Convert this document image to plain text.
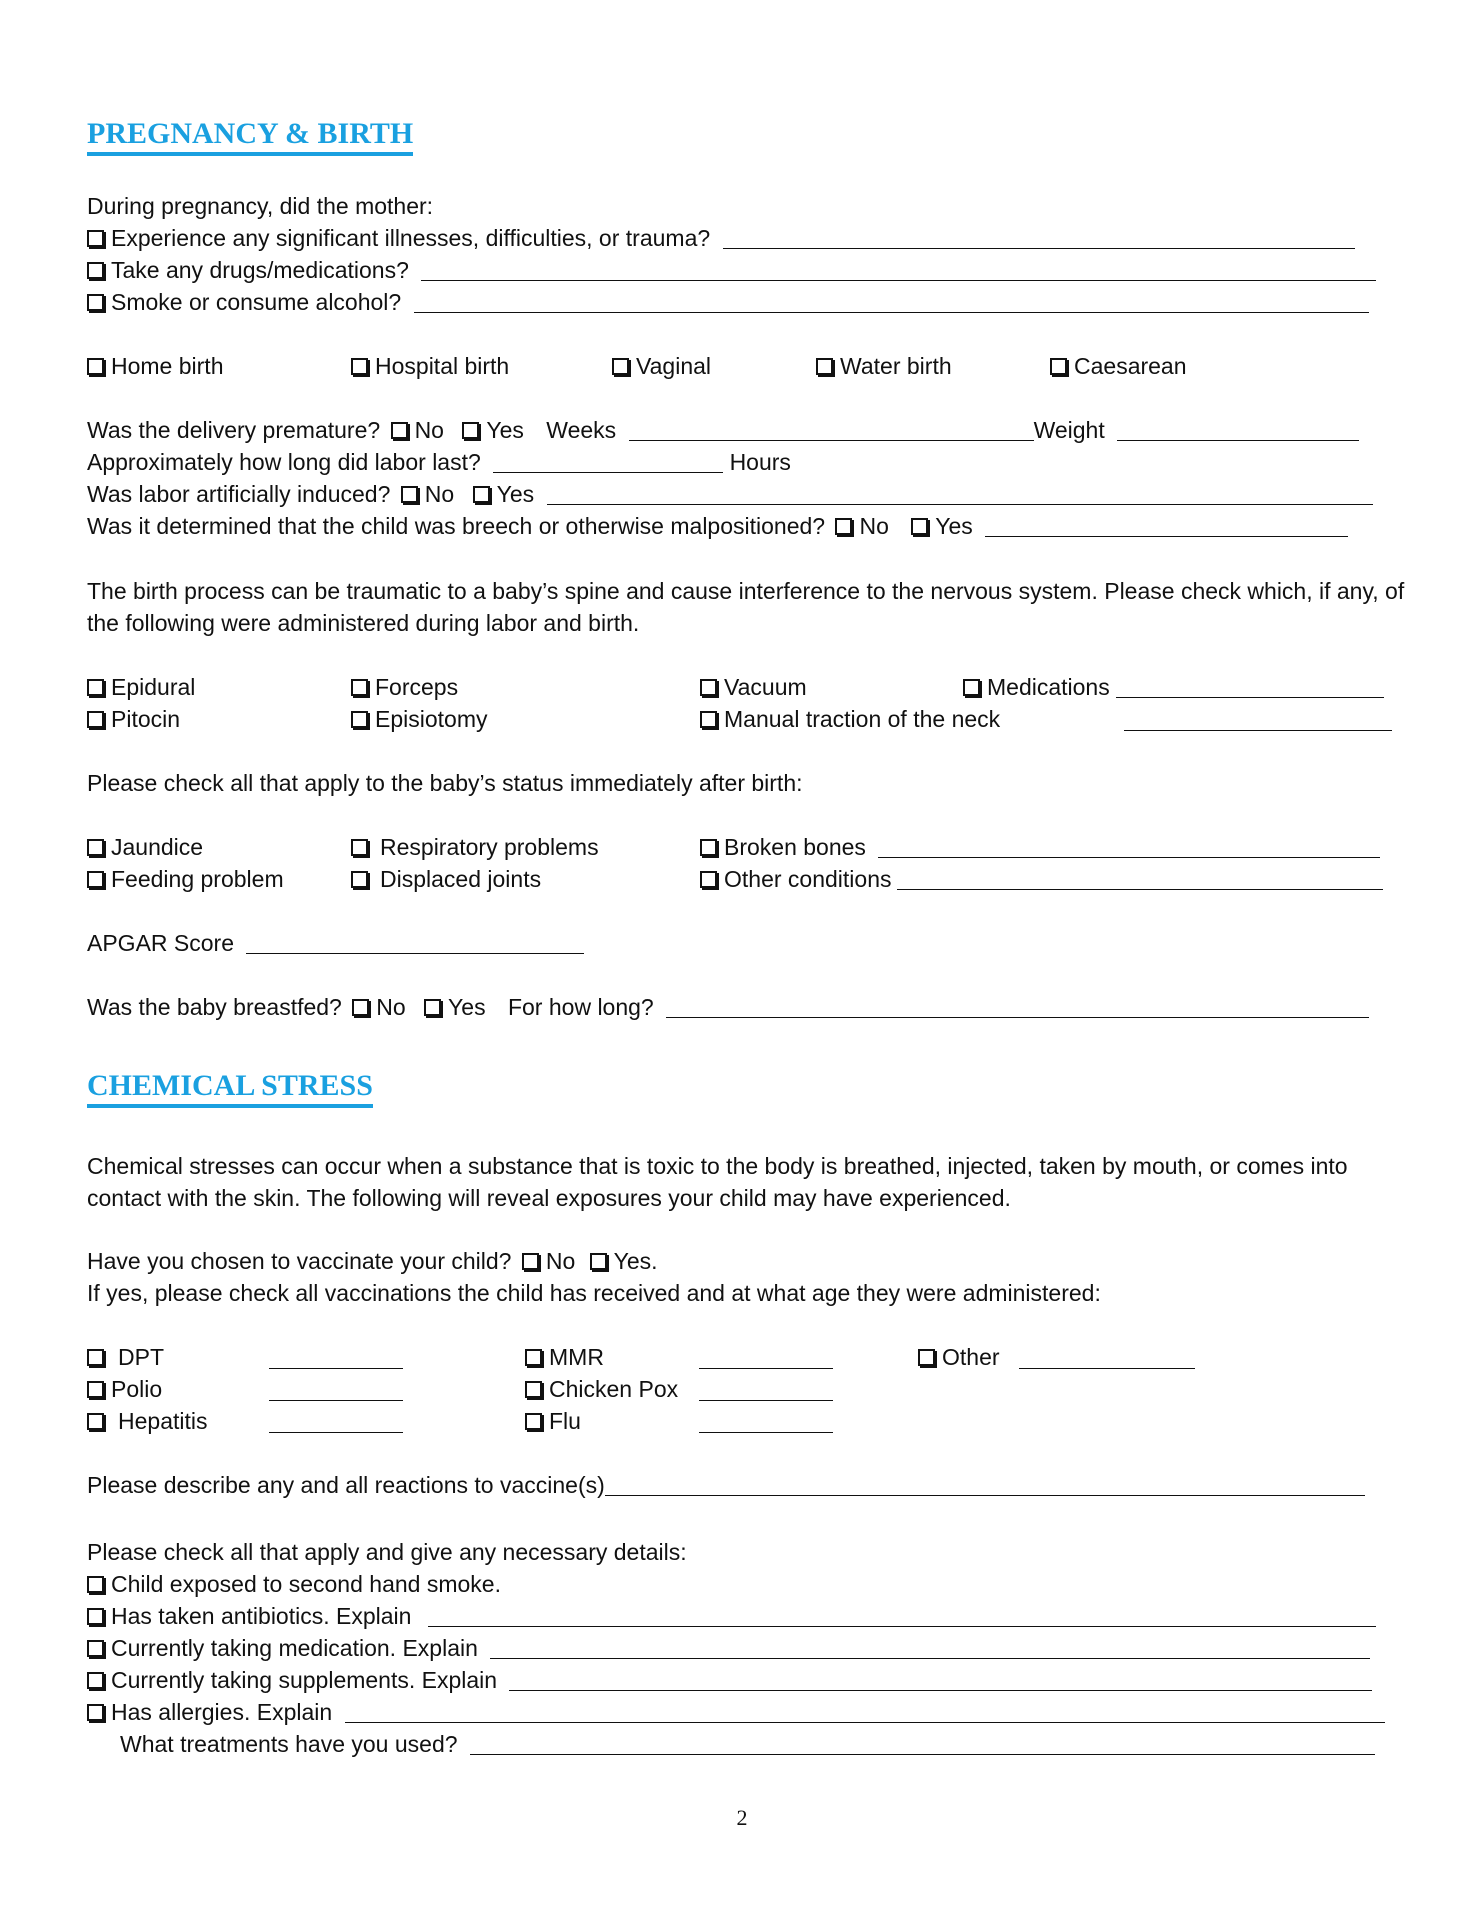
PREGNANCY & BIRTH
During pregnancy, did the mother:
Experience any significant illnesses, difficulties, or trauma?
Take any drugs/medications?
Smoke or consume alcohol?
Home birth	Hospital birth	Vaginal	Water birth	Caesarean
Was the delivery premature? No Yes Weeks	Weight
Approximately how long did labor last?	Hours
Was labor artificially induced? No Yes
Was it determined that the child was breech or otherwise malpositioned? No Yes
The birth process can be traumatic to a baby’s spine and cause interference to the nervous system. Please check which, if any, of the following were administered during labor and birth.
Epidural	Forceps	Vacuum	Medications
Pitocin	Episiotomy	Manual traction of the neck
Please check all that apply to the baby’s status immediately after birth:
Jaundice	Respiratory problems	Broken bones
Feeding problem	Displaced joints	Other conditions
APGAR Score
Was the baby breastfed? No Yes For how long?
CHEMICAL STRESS
Chemical stresses can occur when a substance that is toxic to the body is breathed, injected, taken by mouth, or comes into contact with the skin. The following will reveal exposures your child may have experienced.
Have you chosen to vaccinate your child? No Yes.
If yes, please check all vaccinations the child has received and at what age they were administered:
DPT	MMR	Other
Polio	Chicken Pox
Hepatitis	Flu
Please describe any and all reactions to vaccine(s)
Please check all that apply and give any necessary details:
Child exposed to second hand smoke.
Has taken antibiotics. Explain
Currently taking medication. Explain
Currently taking supplements. Explain
Has allergies. Explain
What treatments have you used?
2
